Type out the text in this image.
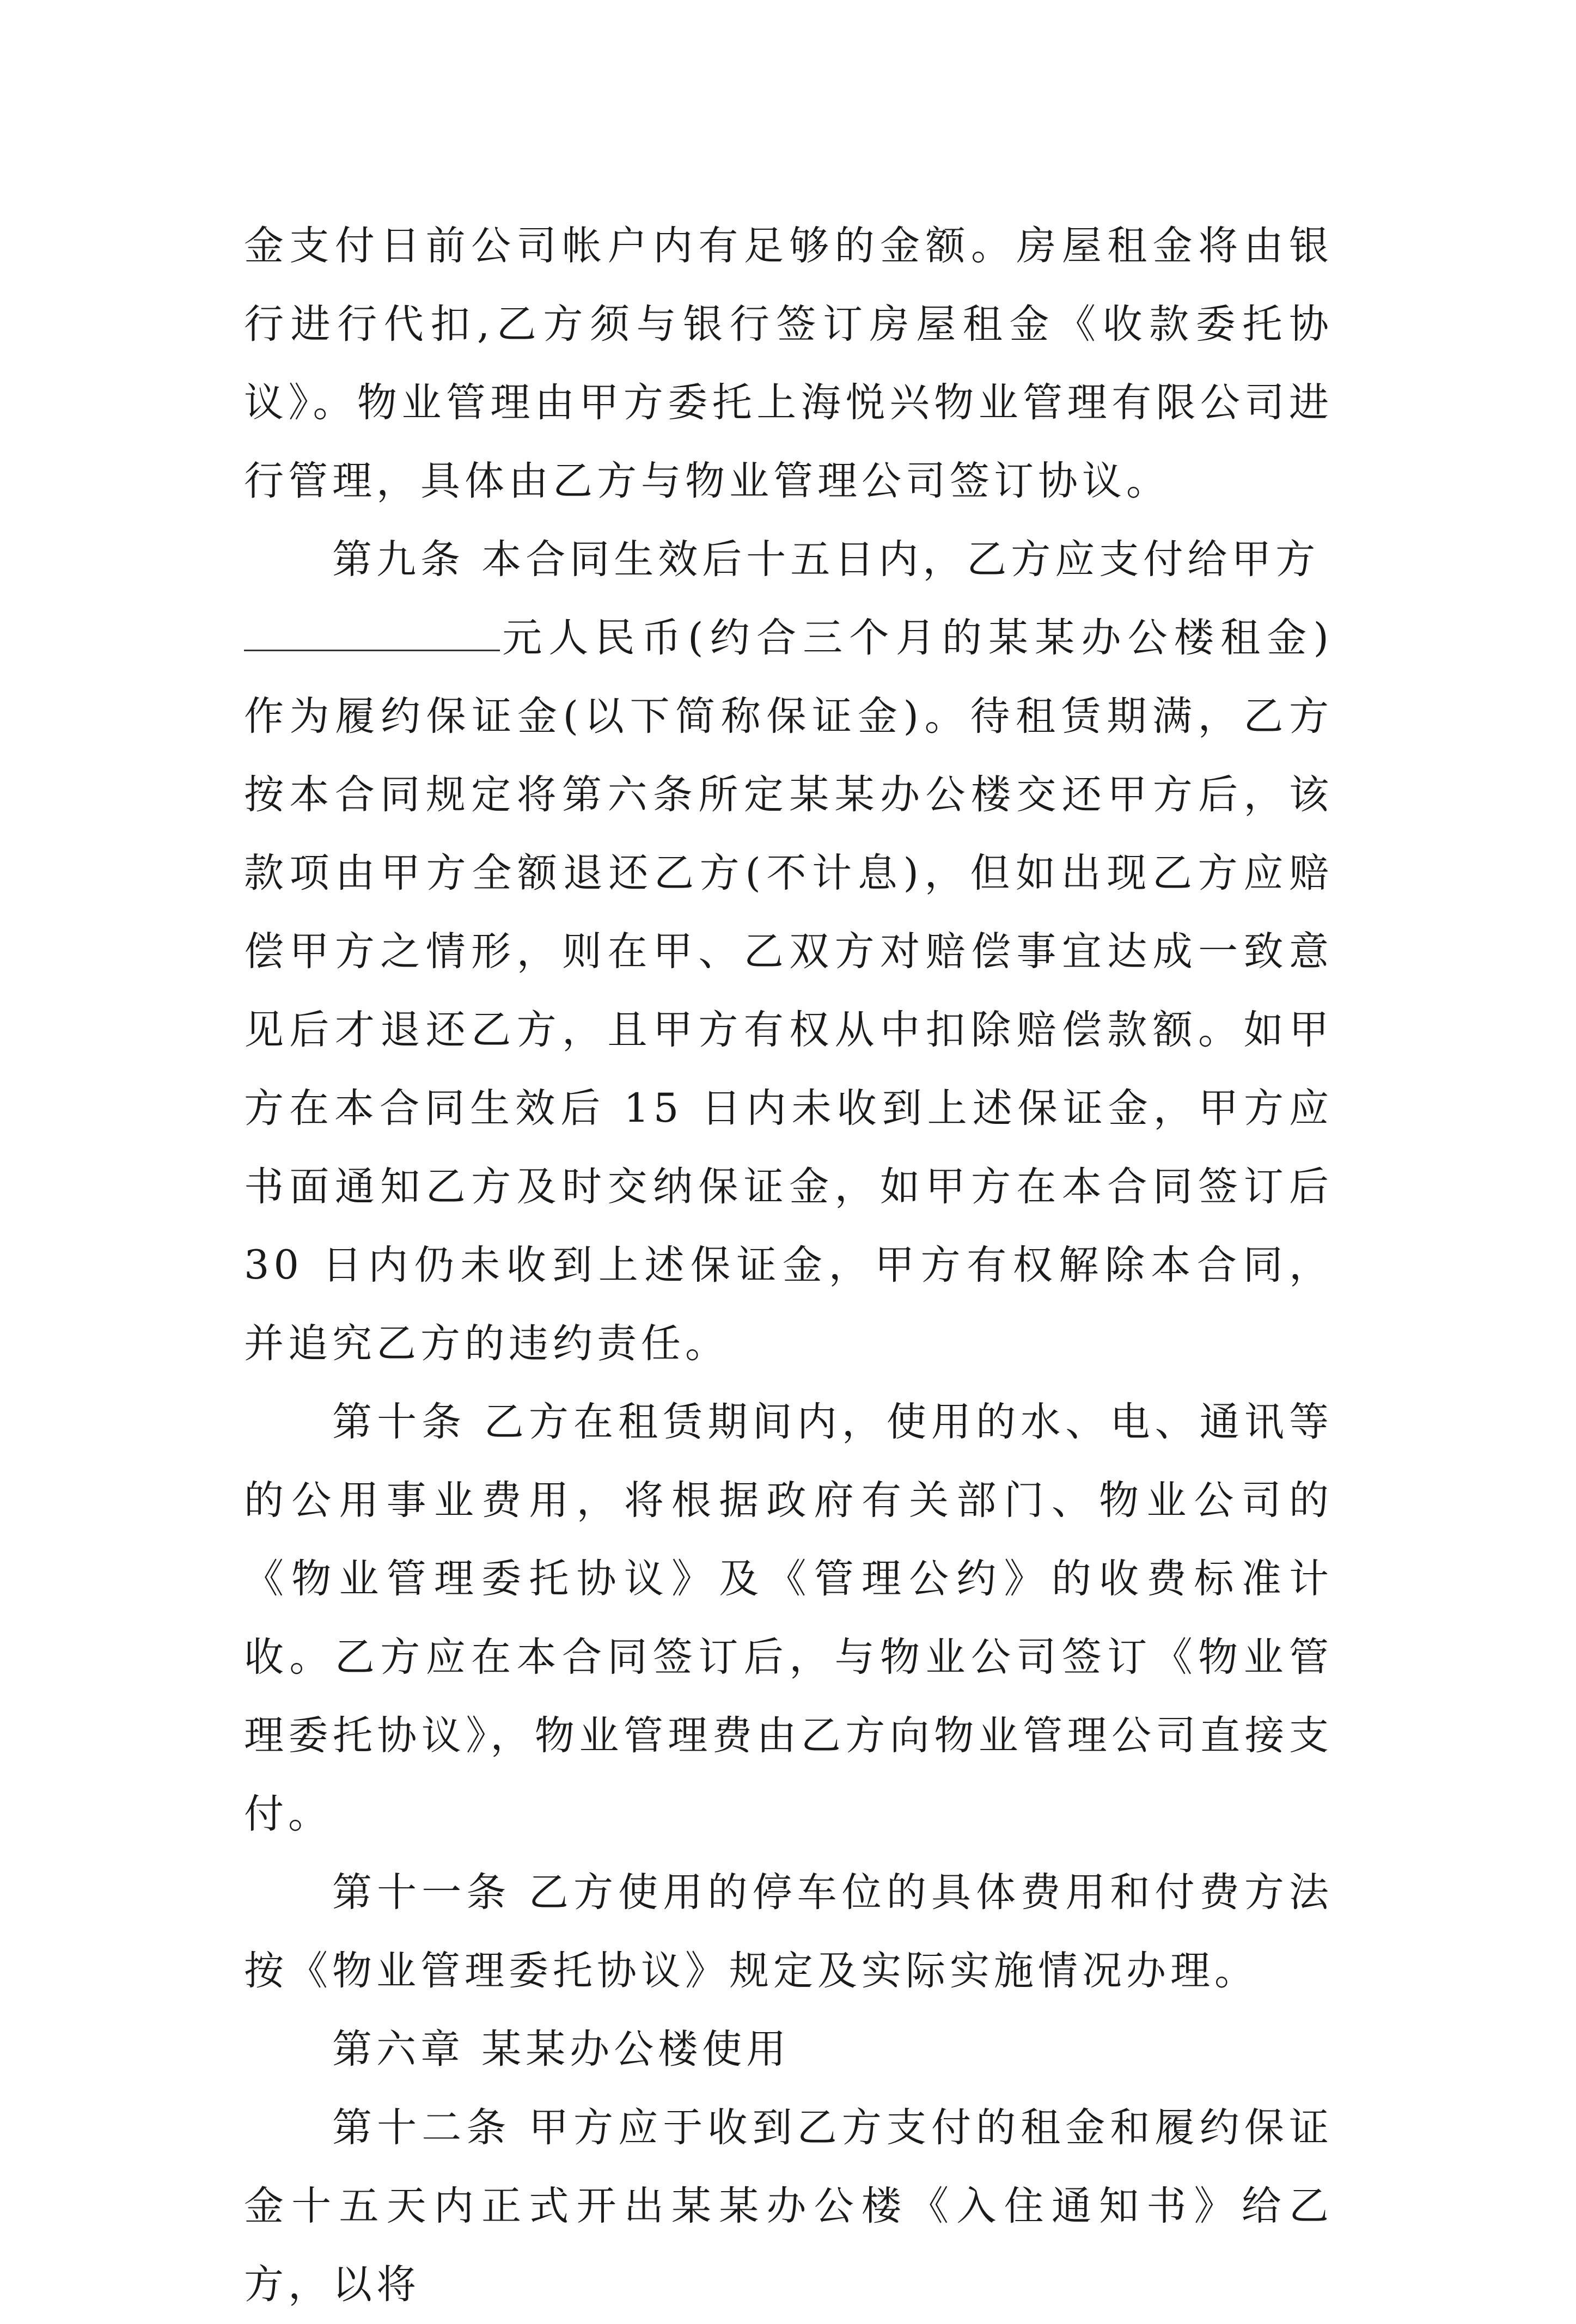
金支付日前公司帐户内有足够的金额。房屋租金将由银行进行代扣,乙方须与银行签订房屋租金《收款委托协议》。物业管理由甲方委托上海悦兴物业管理有限公司进行管理，具体由乙方与物业管理公司签订协议。

第九条 本合同生效后十五日内，乙方应支付给甲方
元人民币(约合三个月的某某办公楼租金)作为履约保证金(以下简称保证金)。待租赁期满，乙方按本合同规定将第六条所定某某办公楼交还甲方后，该款项由甲方全额退还乙方(不计息)，但如出现乙方应赔偿甲方之情形，则在甲、乙双方对赔偿事宜达成一致意见后才退还乙方，且甲方有权从中扣除赔偿款额。如甲方在本合同生效后 15 日内未收到上述保证金，甲方应书面通知乙方及时交纳保证金，如甲方在本合同签订后 30 日内仍未收到上述保证金，甲方有权解除本合同，并追究乙方的违约责任。

第十条 乙方在租赁期间内，使用的水、电、通讯等的公用事业费用，将根据政府有关部门、物业公司的《物业管理委托协议》及《管理公约》的收费标准计收。乙方应在本合同签订后，与物业公司签订《物业管理委托协议》，物业管理费由乙方向物业管理公司直接支付。

第十一条 乙方使用的停车位的具体费用和付费方法按《物业管理委托协议》规定及实际实施情况办理。

第六章 某某办公楼使用

第十二条 甲方应于收到乙方支付的租金和履约保证金十五天内正式开出某某办公楼《入住通知书》给乙方，以将
